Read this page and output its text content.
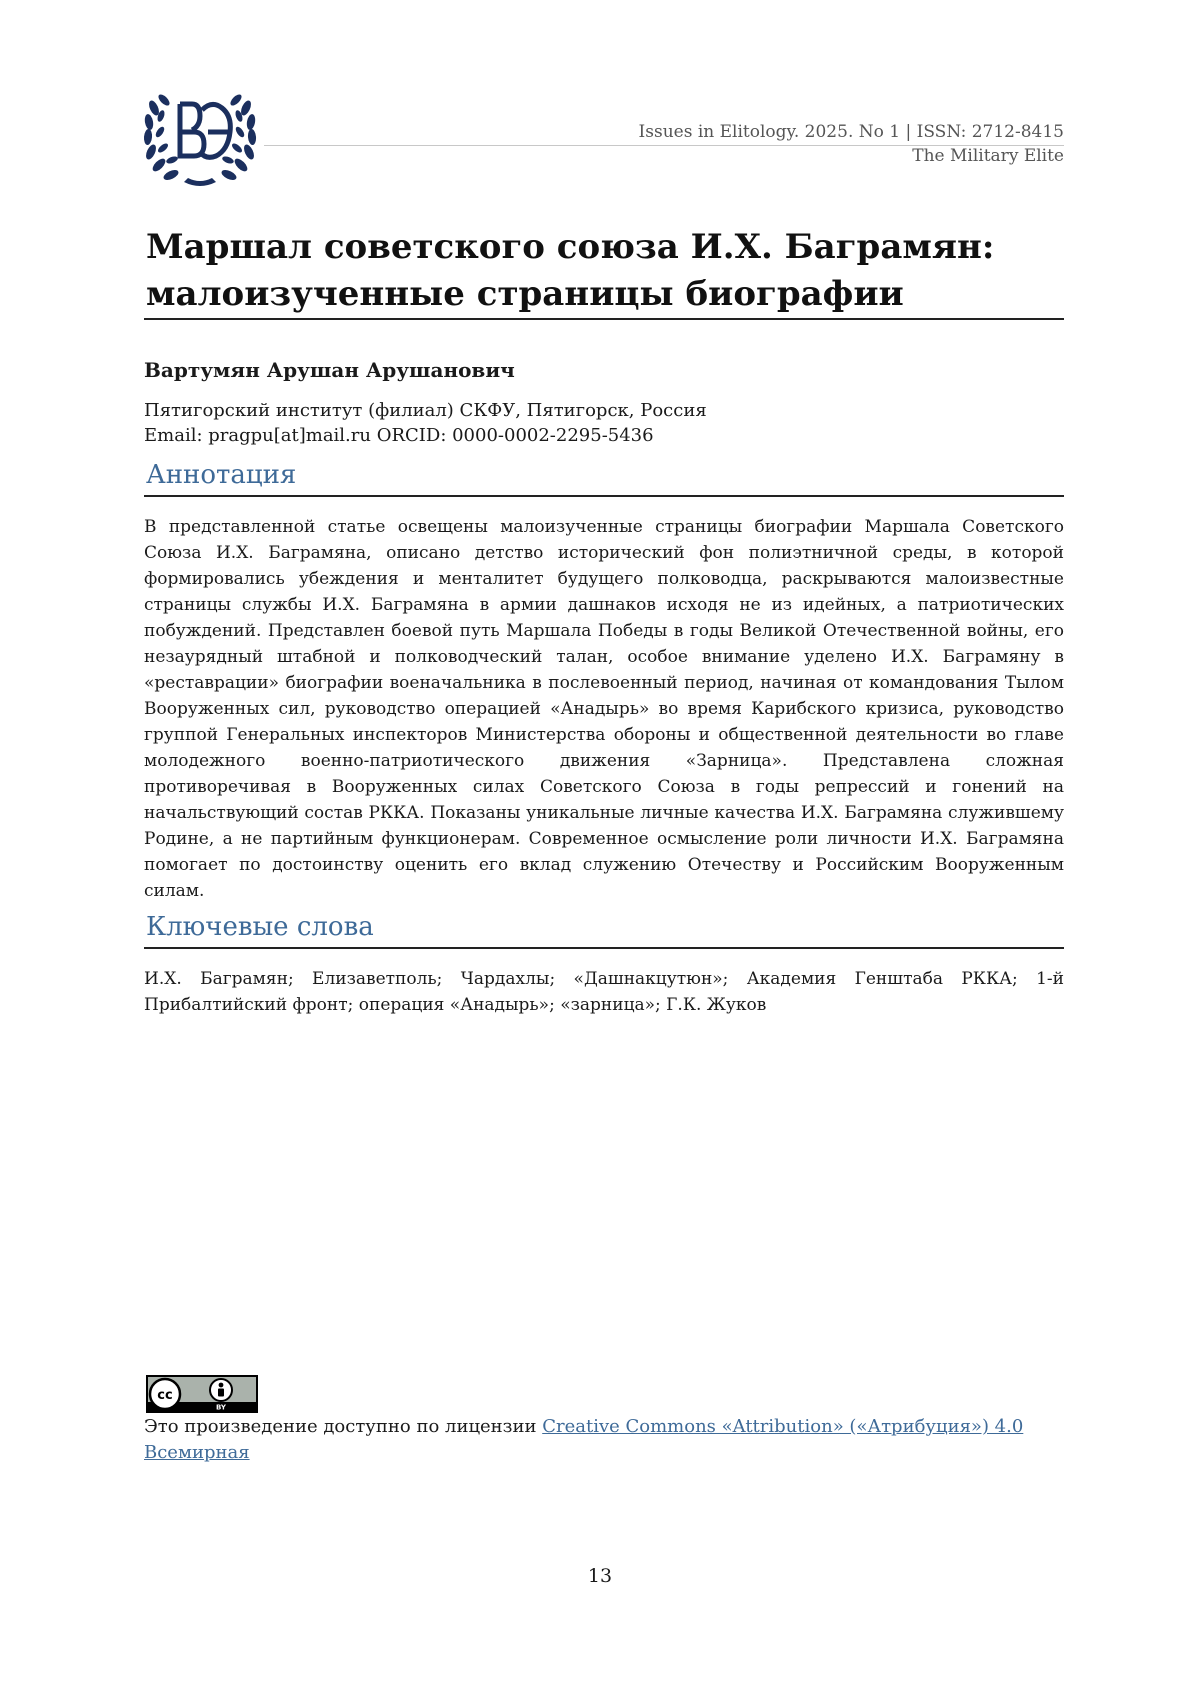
Issues in Elitology. 2025. No 1 | ISSN: 2712-8415
The Military Elite
Маршал советского союза И.Х. Баграмян:
малоизученные страницы биографии
Вартумян Арушан Арушанович
Пятигорский институт (филиал) СКФУ, Пятигорск, Россия
Email: pragpu[at]mail.ru ORCID: 0000-0002-2295-5436
Аннотация

В представленной статье освещены малоизученные страницы биографии Маршала Советского Союза И.Х. Баграмяна, описано детство исторический фон полиэтничной среды, в которой формировались убеждения и менталитет будущего полководца, раскрываются малоизвестные страницы службы И.Х. Баграмяна в армии дашнаков исходя не из идейных, а патриотических побуждений. Представлен боевой путь Маршала Победы в годы Великой Отечественной войны, его незаурядный штабной и полководческий талан, особое внимание уделено И.Х. Баграмяну в «реставрации» биографии военачальника в послевоенный период, начиная от командования Тылом Вооруженных сил, руководство операцией «Анадырь» во время Карибского кризиса, руководство группой Генеральных инспекторов Министерства обороны и общественной деятельности во главе молодежного военно-патриотического движения «Зарница». Представлена сложная противоречивая в Вооруженных силах Советского Союза в годы репрессий и гонений на начальствующий состав РККА. Показаны уникальные личные качества И.Х. Баграмяна служившему Родине, а не партийным функционерам. Современное осмысление роли личности И.Х. Баграмяна помогает по достоинству оценить его вклад служению Отечеству и Российским Вооруженным силам.

Ключевые слова

И.Х. Баграмян; Елизаветполь; Чардахлы; «Дашнакцутюн»; Академия Генштаба РККА; 1-й Прибалтийский фронт; операция «Анадырь»; «зарница»; Г.К. Жуков

cc
BY

Это произведение доступно по лицензии Creative Commons «Attribution» («Атрибуция») 4.0 Всемирная

13
